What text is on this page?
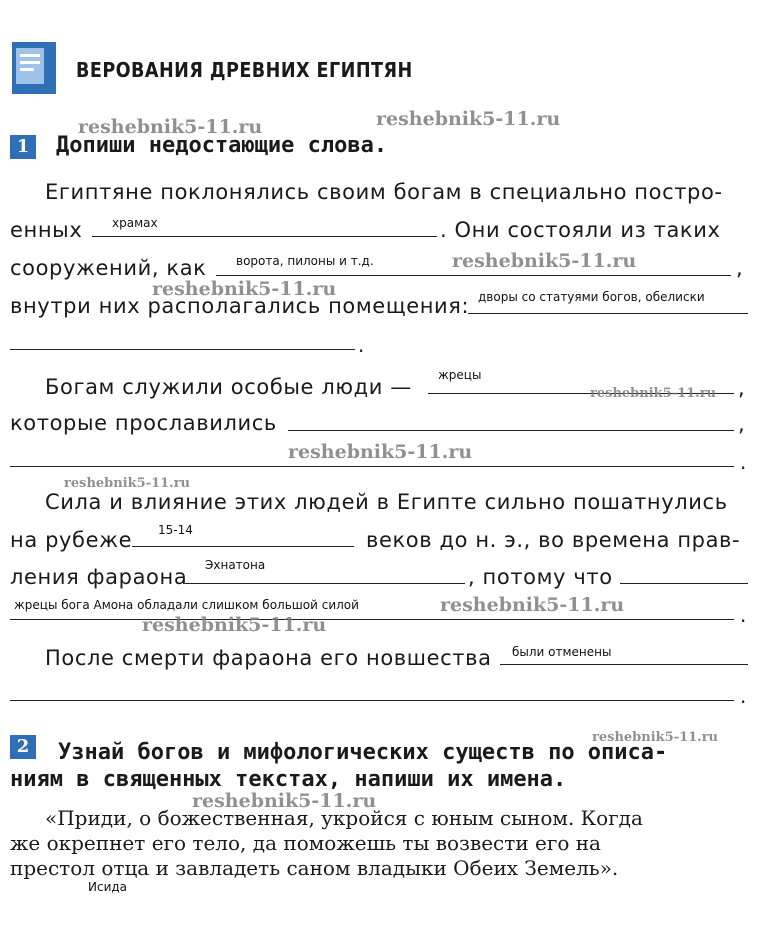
ВЕРОВАНИЯ ДРЕВНИХ ЕГИПТЯН
1	Допиши недостающие слова.
Египтяне поклонялись своим богам в специально постро-
енных храмах	. Они состояли из таких
сооружений, как ворота, пилоны и т.д.	,
внутри них располагались помещения: дворы со статуями богов, обелиски
.
Богам служили особые люди — жрецы
,
которые прославились	,
.
Сила и влияние этих людей в Египте сильно пошатнулись
на рубеже 15-14	веков до н. э., во времена прав-
ления фараона Эхнатона	, потому что
жрецы бога Амона обладали слишком большой силой	.
После смерти фараона его новшества были отменены
.
2	Узнай богов и мифологических существ по описа-
ниям в священных текстах, напиши их имена.
«Приди, о божественная, укройся с юным сыном. Когда
же окрепнет его тело, да поможешь ты возвести его на
престол отца и завладеть саном владыки Обеих Земель».
Исида
reshebnik5-11.ru	reshebnik5-11.ru
reshebnik5-11.ru
reshebnik5-11.ru
reshebnik5-11.ru
reshebnik5-11.ru
reshebnik5-11.ru
reshebnik5-11.ru
reshebnik5-11.ru
reshebnik5-11.ru
reshebnik5-11.ru
